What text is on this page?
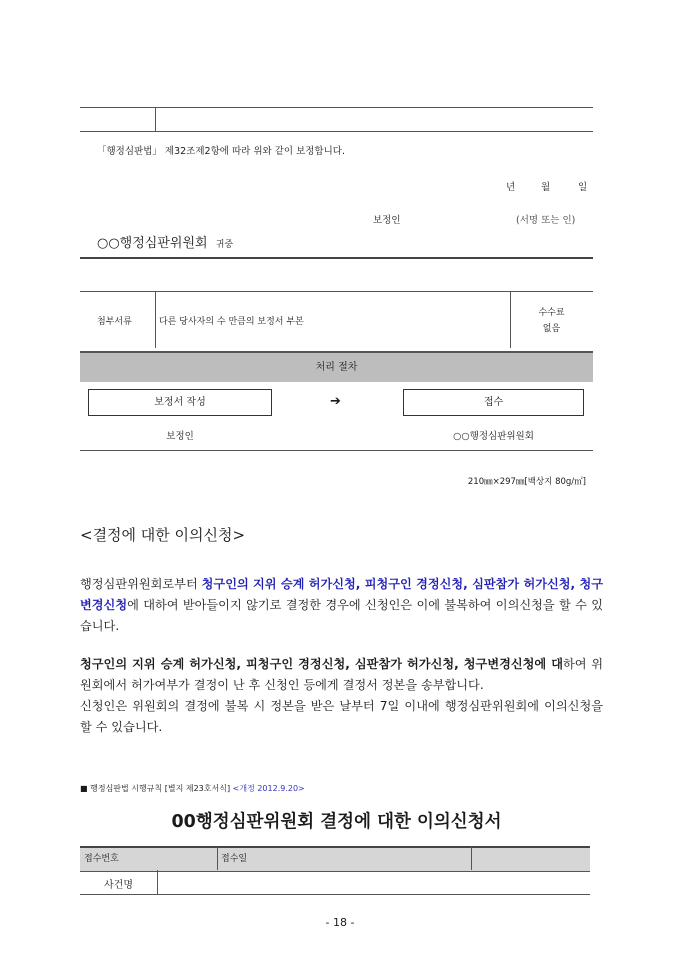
「행정심판법」 제32조제2항에 따라 위와 같이 보정합니다.
년	월	일
보정인	(서명 또는 인)
○○행정심판위원회 귀중
첨부서류	다른 당사자의 수 만큼의 보정서 부본
수수료
없음
처리 절차
보정서 작성	➔	접수
보정인	○○행정심판위원회
210㎜×297㎜[백상지 80g/㎡]
<결정에 대한 이의신청>

행정심판위원회로부터 청구인의 지위 승계 허가신청, 피청구인 경정신청, 심판참가 허가신청, 청구변경신청에 대하여 받아들이지 않기로 결정한 경우에 신청인은 이에 불복하여 이의신청을 할 수 있습니다.

청구인의 지위 승계 허가신청, 피청구인 경정신청, 심판참가 허가신청, 청구변경신청에 대하여 위원회에서 허가여부가 결정이 난 후 신청인 등에게 결정서 정본을 송부합니다.
신청인은 위원회의 결정에 불복 시 정본을 받은 날부터 7일 이내에 행정심판위원회에 이의신청을 할 수 있습니다.

■ 행정심판법 시행규칙 [별지 제23호서식] <개정 2012.9.20>
00행정심판위원회 결정에 대한 이의신청서
접수번호	접수일
사건명
- 18 -
